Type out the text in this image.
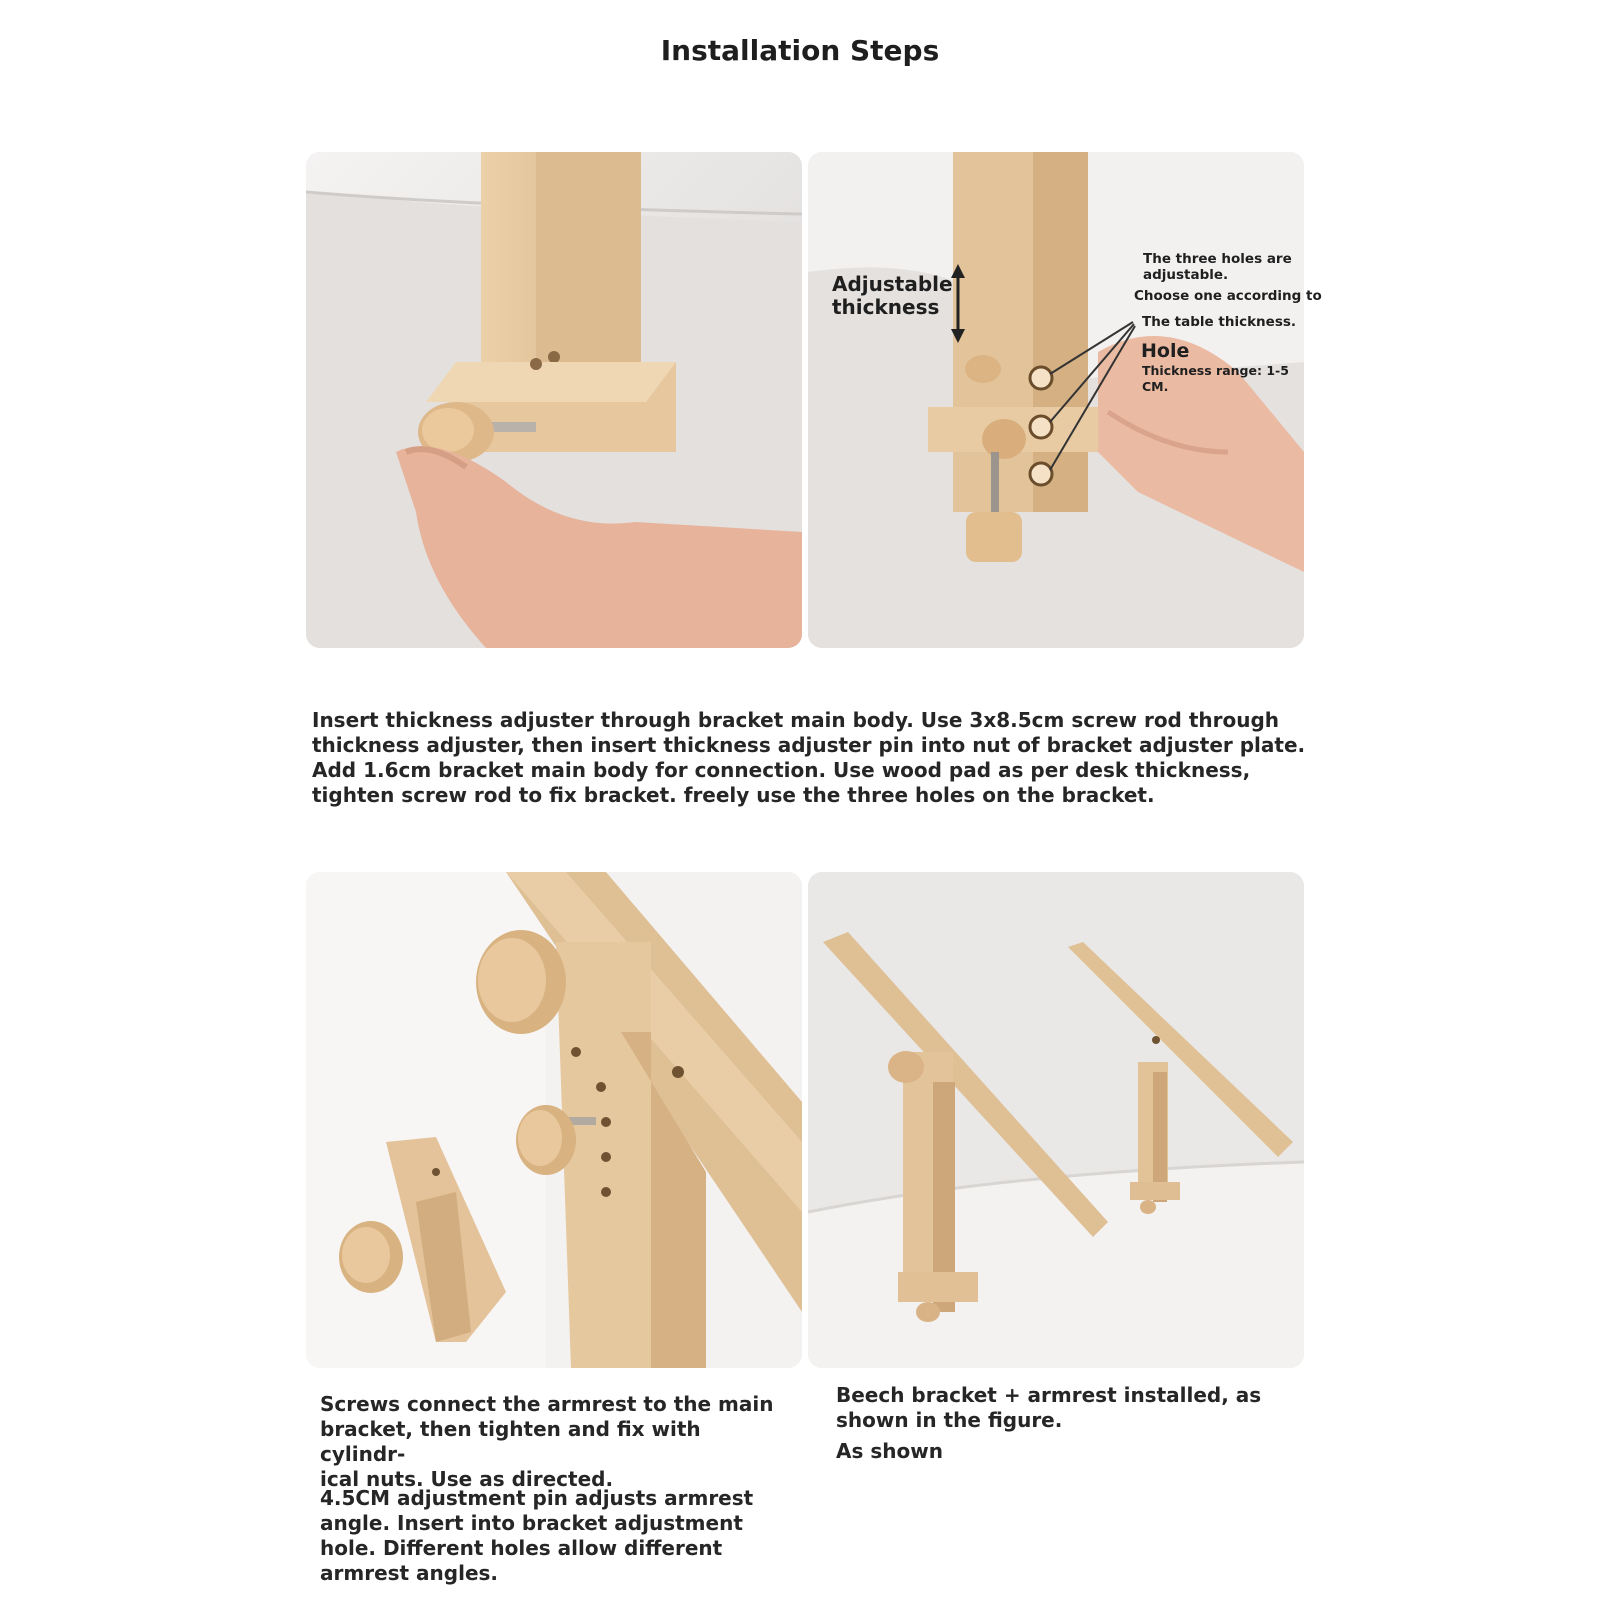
Installation Steps
Adjustable
thickness
The three holes are
adjustable.
Choose one according to
The table thickness.
Hole
Thickness range: 1-5
CM.
Insert thickness adjuster through bracket main body. Use 3x8.5cm screw rod through
thickness adjuster, then insert thickness adjuster pin into nut of bracket adjuster plate.
Add 1.6cm bracket main body for connection. Use wood pad as per desk thickness,
tighten screw rod to fix bracket. freely use the three holes on the bracket.
Screws connect the armrest to the main
bracket, then tighten and fix with cylindr-
ical nuts. Use as directed.
4.5CM adjustment pin adjusts armrest
angle. Insert into bracket adjustment
hole. Different holes allow different
armrest angles.
Beech bracket + armrest installed, as
shown in the figure.
As shown
